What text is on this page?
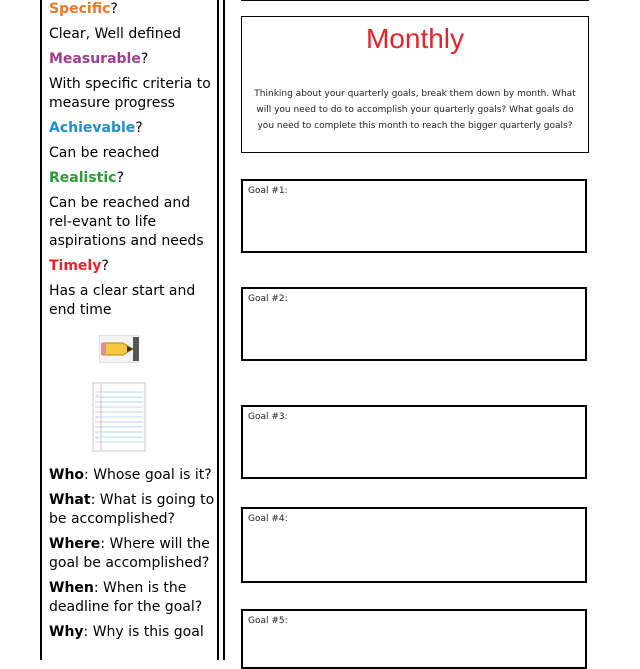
Specific?

Clear, Well defined

Measurable?

With specific criteria to measure progress

Achievable?

Can be reached

Realistic?

Can be reached and rel-evant to life aspirations and needs

Timely?

Has a clear start and end time

Who: Whose goal is it?

What: What is going to be accomplished?

Where: Where will the goal be accomplished?

When: When is the deadline for the goal?

Why: Why is this goal

Monthly
Thinking about your quarterly goals, break them down by month. What will you need to do to accomplish your quarterly goals? What goals do you need to complete this month to reach the bigger quarterly goals?
Goal #1:
Goal #2:
Goal #3:
Goal #4:
Goal #5:
